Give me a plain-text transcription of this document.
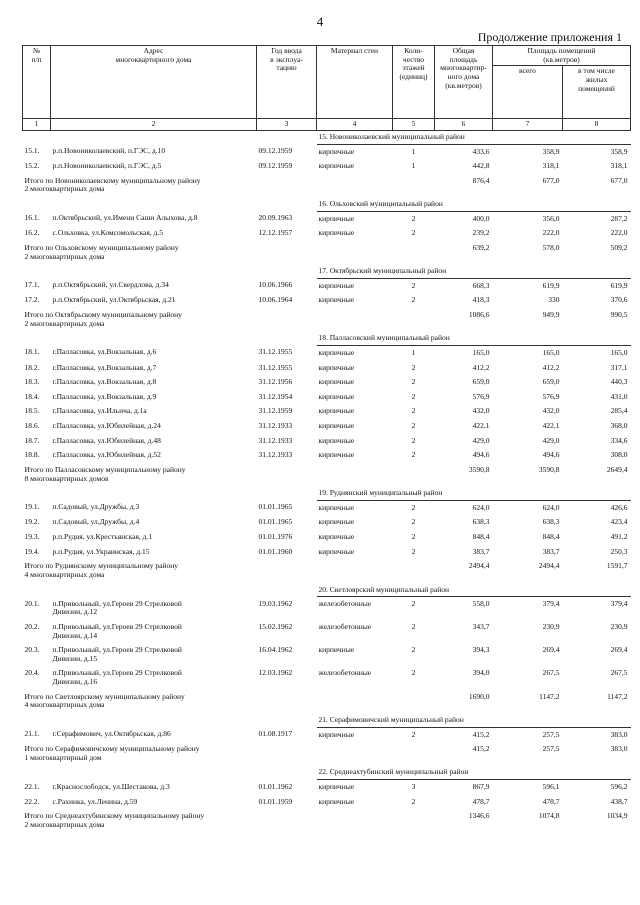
4
Продолжение приложения 1
№
п/п	Адрес
многоквартирного дома	Год ввода
в эксплуа-
тацию	Материал стен	Коли-
чество
этажей
(единиц)	Общая
площадь
многоквартир-
ного дома
(кв.метров)	Площадь помещений
(кв.метров)	
						всего	в том числе
жилых
помещений
1	2	3	4	5	6	7	8
			15. Новониколаевский муниципальный район				
15.1.	р.п.Новониколаевский, п.ГЭС, д.10	09.12.1959	кирпичные	1	433,6	358,9	358,9
15.2.	р.п.Новониколаевский, п.ГЭС, д.5	09.12.1959	кирпичные	1	442,8	318,1	318,1
Итого по Новониколаевскому муниципальному району
2 многоквартирных дома					876,4	677,0	677,0
			16. Ольховский муниципальный район				
16.1.	п.Октябрьский, ул.Имени Саши Алыхова, д.8	20.09.1963	кирпичные	2	400,0	356,0	287,2
16.2.	с.Ольховка, ул.Комсомольская, д.5	12.12.1957	кирпичные	2	239,2	222,0	222,0
Итого по Ольховскому муниципальному району
2 многоквартирных дома					639,2	578,0	509,2
			17. Октябрьский муниципальный район				
17.1.	р.п.Октябрьский, ул.Свердлова, д.34	10.06.1966	кирпичные	2	668,3	619,9	619,9
17.2.	р.п.Октябрьский, ул.Октябрьская, д.21	10.06.1964	кирпичные	2	418,3	330	370,6
Итого по Октябрьскому муниципальному району
2 многоквартирных дома					1086,6	949,9	990,5
			18. Палласовский муниципальный район				
18.1.	г.Палласовка, ул.Вокзальная, д.6	31.12.1955	кирпичные	1	165,0	165,0	165,0
18.2.	г.Палласовка, ул.Вокзальная, д.7	31.12.1955	кирпичные	2	412,2	412,2	317,1
18.3.	г.Палласовка, ул.Вокзальная, д.8	31.12.1956	кирпичные	2	659,0	659,0	440,3
18.4.	г.Палласовка, ул.Вокзальная, д.9	31.12.1954	кирпичные	2	576,9	576,9	431,0
18.5.	г.Палласовка, ул.Ильича, д.1а	31.12.1959	кирпичные	2	432,0	432,0	285,4
18.6.	г.Палласовка, ул.Юбилейная, д.24	31.12.1933	кирпичные	2	422,1	422,1	368,0
18.7.	г.Палласовка, ул.Юбилейная, д.48	31.12.1933	кирпичные	2	429,0	429,0	334,6
18.8.	г.Палласовка, ул.Юбилейная, д.52	31.12.1933	кирпичные	2	494,6	494,6	308,0
Итого по Палласовскому муниципальному району
8 многоквартирных домов					3590,8	3590,8	2649,4
			19. Руднянский муниципальный район				
19.1.	п.Садовый, ул.Дружбы, д.3	01.01.1965	кирпичные	2	624,0	624,0	426,6
19.2.	п.Садовый, ул.Дружбы, д.4	01.01.1965	кирпичные	2	638,3	638,3	423,4
19.3.	р.п.Рудня, ул.Крестьянская, д.1	01.01.1976	кирпичные	2	848,4	848,4	491,2
19.4.	р.п.Рудня, ул.Украинская, д.15	01.01.1960	кирпичные	2	383,7	383,7	250,3
Итого по Руднянскому муниципальному району
4 многоквартирных дома					2494,4	2494,4	1591,7
			20. Светлоярский муниципальный район				
20.1.	п.Привольный, ул.Героев 29 Стрелковой
Дивизии, д.12	19.03.1962	железобетонные	2	558,0	379,4	379,4
20.2.	п.Привольный, ул.Героев 29 Стрелковой
Дивизии, д.14	15.02.1962	железобетонные	2	343,7	230,9	230,9
20.3.	п.Привольный, ул.Героев 29 Стрелковой
Дивизии, д.15	16.04.1962	кирпичные	2	394,3	269,4	269,4
20.4.	п.Привольный, ул.Героев 29 Стрелковой
Дивизии, д.16	12.03.1962	железобетонные	2	394,0	267,5	267,5
Итого по Светлоярскому муниципальному району
4 многоквартирных дома					1690,0	1147,2	1147,2
			21. Серафимовичский муниципальный район				
21.1.	г.Серафимович, ул.Октябрьская, д.86	01.08.1917	кирпичные	2	415,2	257,5	383,0
Итого по Серафимовичскому муниципальному району
1 многоквартирный дом					415,2	257,5	383,0
			22. Среднеахтубинский муниципальный район				
22.1.	г.Краснослободск, ул.Шестакова, д.3	01.01.1962	кирпичные	3	867,9	596,1	596,2
22.2.	с.Рахинка, ул.Ленина, д.59	01.01.1959	кирпичные	2	478,7	478,7	438,7
Итого по Среднеахтубинскому муниципальному району
2 многоквартирных дома					1346,6	1074,8	1034,9
